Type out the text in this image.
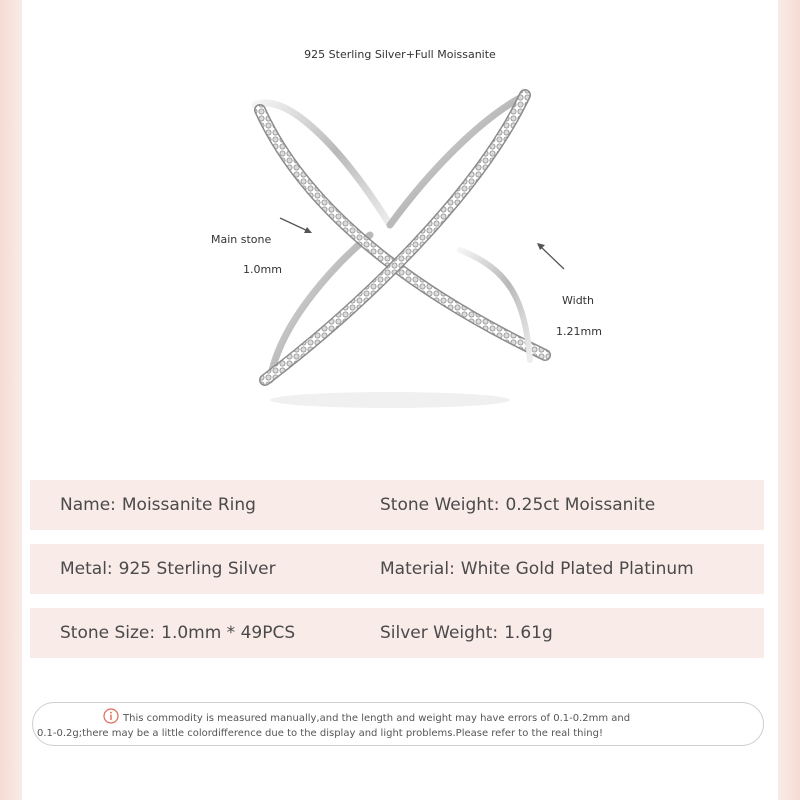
925 Sterling Silver+Full Moissanite
Main stone
1.0mm
Width
1.21mm
Name: Moissanite Ring	Stone Weight: 0.25ct Moissanite
Metal: 925 Sterling Silver	Material: White Gold Plated Platinum
Stone Size: 1.0mm * 49PCS	Silver Weight: 1.61g
This commodity is measured manually,and the length and weight may have errors of 0.1-0.2mm and
0.1-0.2g;there may be a little colordifference due to the display and light problems.Please refer to the real thing!
